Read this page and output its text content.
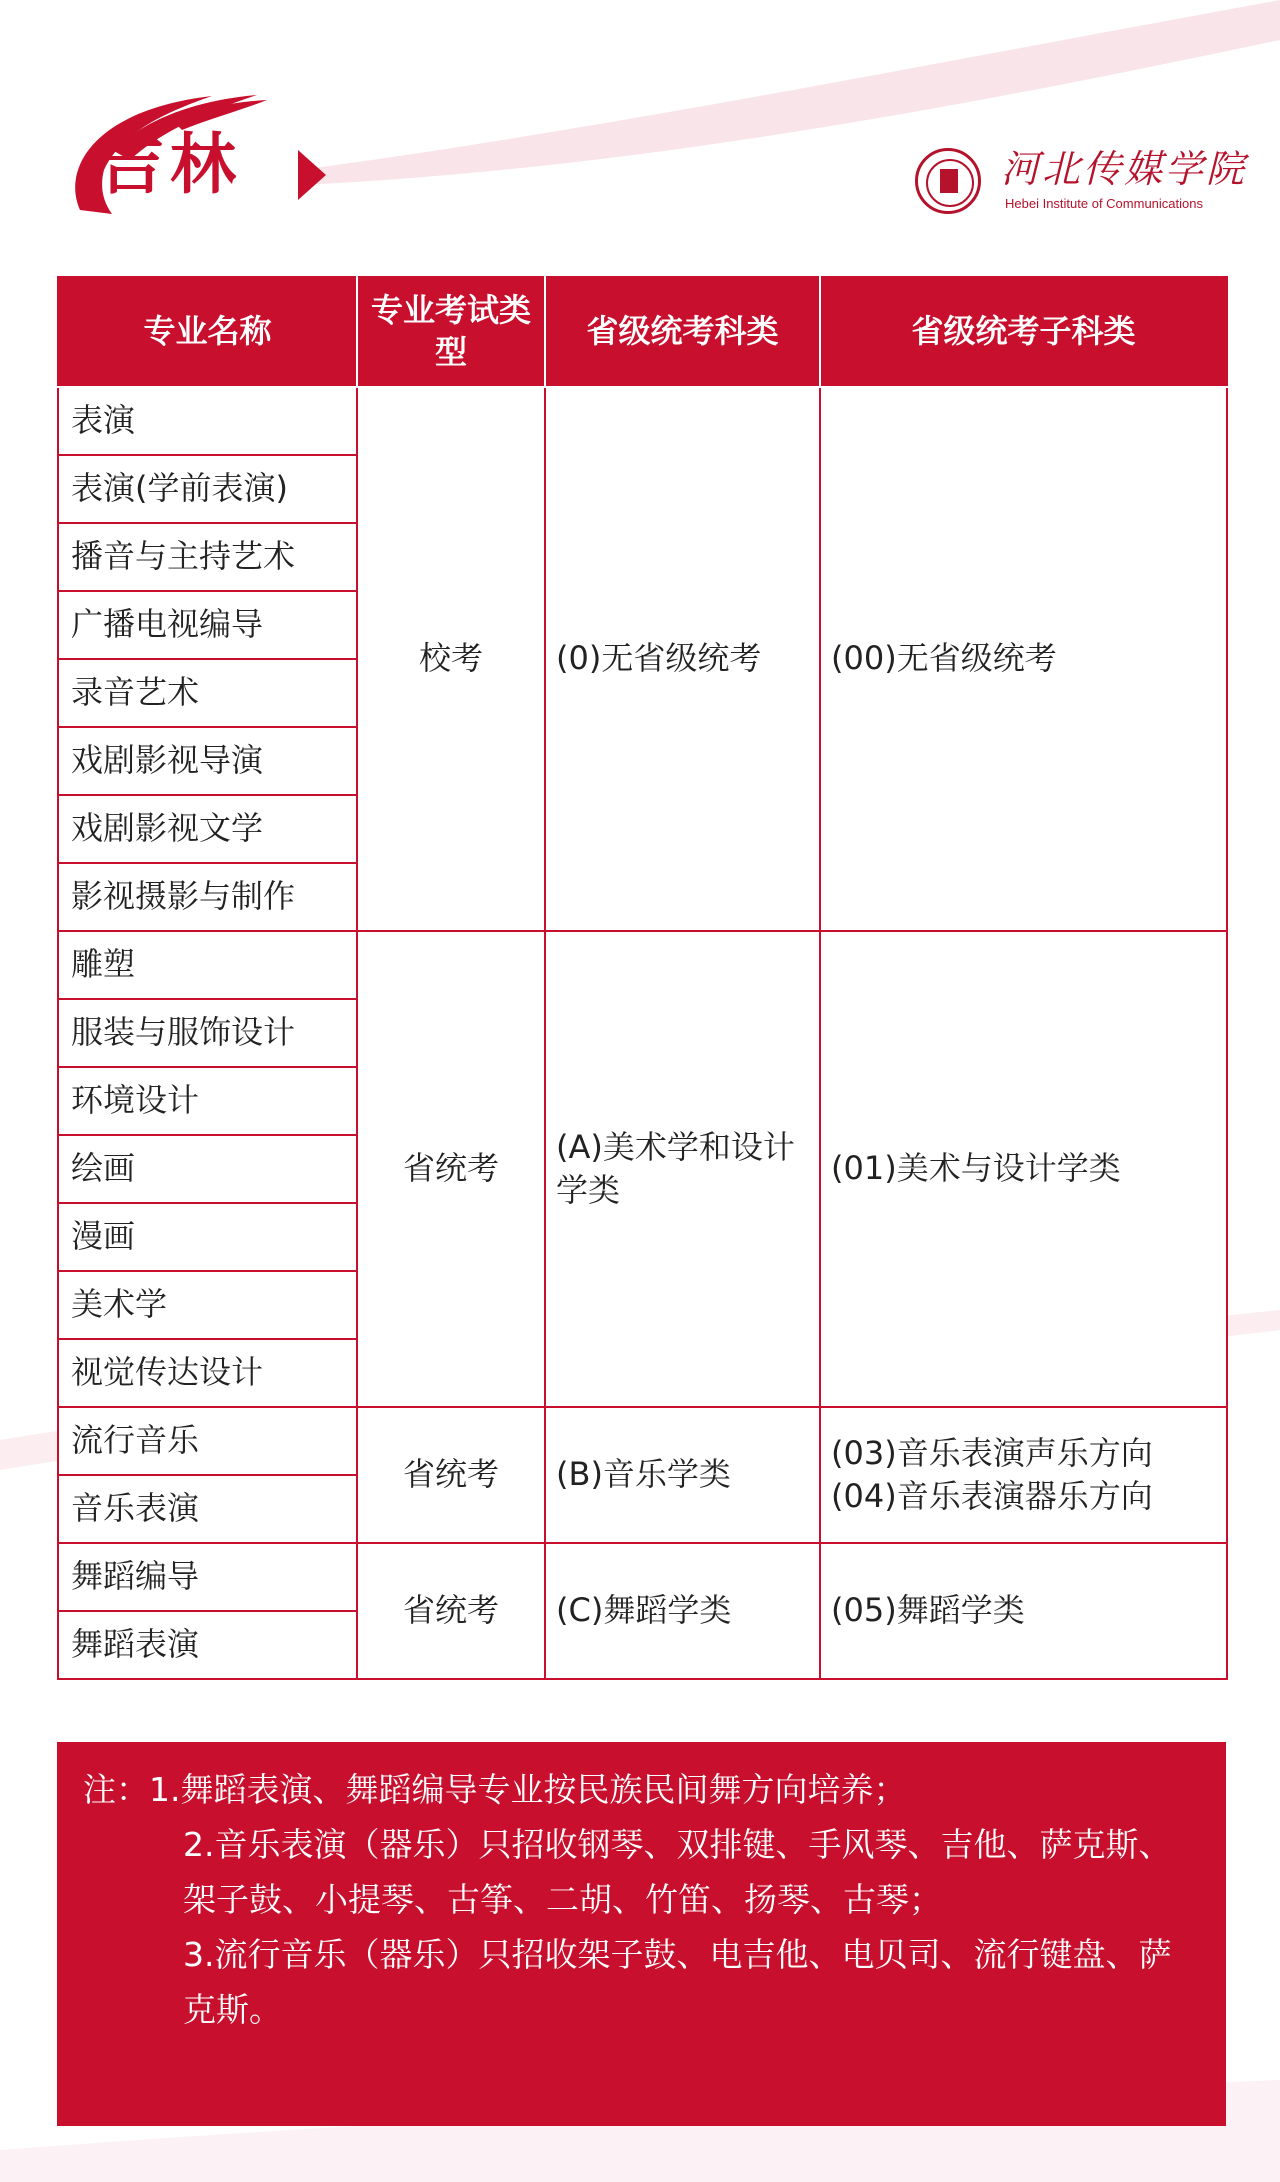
吉林	河北传媒学院
Hebei Institute of Communications
专业名称	专业考试类型	省级统考科类	省级统考子科类
表演	校考	(0)无省级统考	(00)无省级统考
表演(学前表演)			
播音与主持艺术			
广播电视编导			
录音艺术			
戏剧影视导演			
戏剧影视文学			
影视摄影与制作			
雕塑	省统考	(A)美术学和设计学类	(01)美术与设计学类
服装与服饰设计			
环境设计			
绘画			
漫画			
美术学			
视觉传达设计			
流行音乐	省统考	(B)音乐学类	(03)音乐表演声乐方向 (04)音乐表演器乐方向
音乐表演			
舞蹈编导	省统考	(C)舞蹈学类	(05)舞蹈学类
舞蹈表演			
注： 1.舞蹈表演、舞蹈编导专业按民族民间舞方向培养；
2.音乐表演（器乐）只招收钢琴、双排键、手风琴、吉他、萨克斯、架子鼓、小提琴、古筝、二胡、竹笛、扬琴、古琴；
3.流行音乐（器乐）只招收架子鼓、电吉他、电贝司、流行键盘、萨克斯。
